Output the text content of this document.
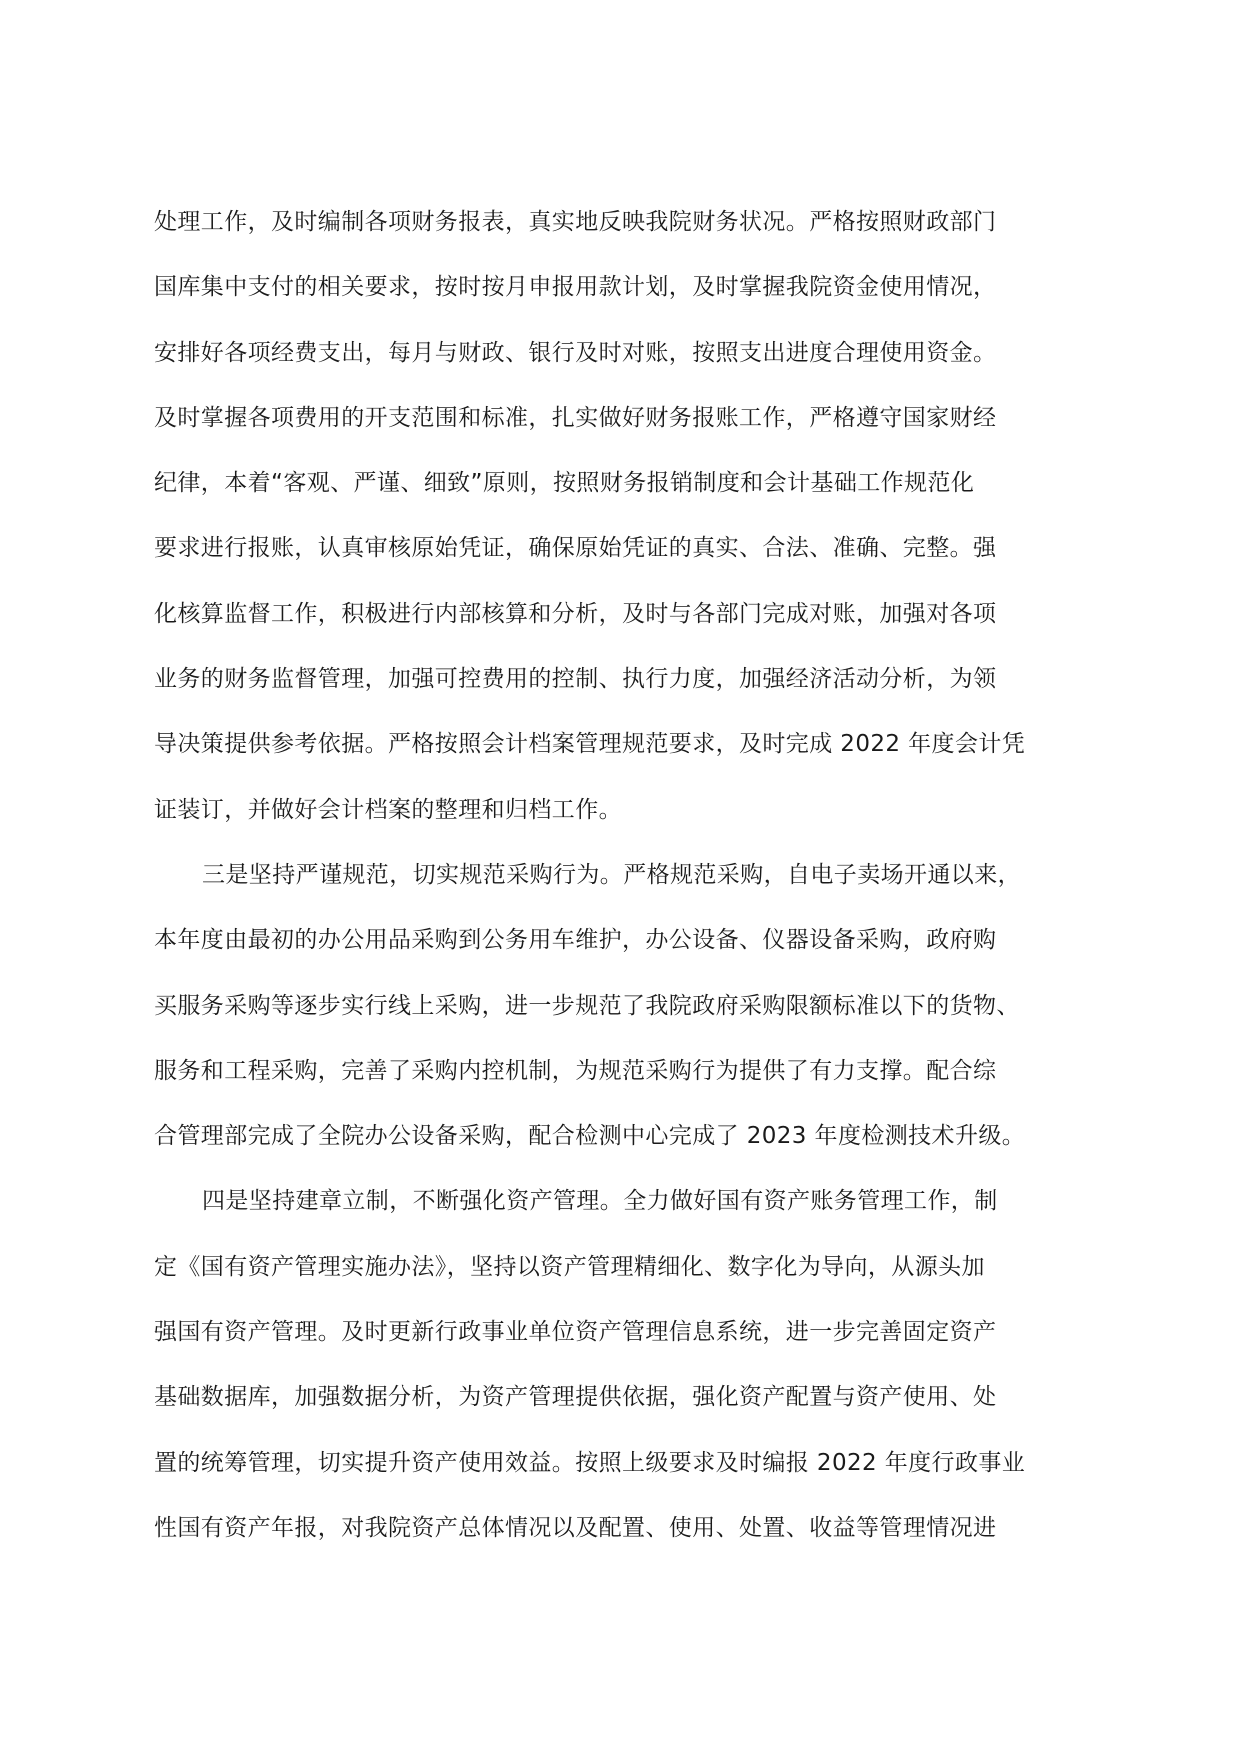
处理工作，及时编制各项财务报表，真实地反映我院财务状况。严格按照财政部门
国库集中支付的相关要求，按时按月申报用款计划，及时掌握我院资金使用情况，
安排好各项经费支出，每月与财政、银行及时对账，按照支出进度合理使用资金。
及时掌握各项费用的开支范围和标准，扎实做好财务报账工作，严格遵守国家财经
纪律，本着“客观、严谨、细致”原则，按照财务报销制度和会计基础工作规范化
要求进行报账，认真审核原始凭证，确保原始凭证的真实、合法、准确、完整。强
化核算监督工作，积极进行内部核算和分析，及时与各部门完成对账，加强对各项
业务的财务监督管理，加强可控费用的控制、执行力度，加强经济活动分析，为领
导决策提供参考依据。严格按照会计档案管理规范要求，及时完成 2022 年度会计凭
证装订，并做好会计档案的整理和归档工作。
三是坚持严谨规范，切实规范采购行为。严格规范采购，自电子卖场开通以来，
本年度由最初的办公用品采购到公务用车维护，办公设备、仪器设备采购，政府购
买服务采购等逐步实行线上采购，进一步规范了我院政府采购限额标准以下的货物、
服务和工程采购，完善了采购内控机制，为规范采购行为提供了有力支撑。配合综
合管理部完成了全院办公设备采购，配合检测中心完成了 2023 年度检测技术升级。
四是坚持建章立制，不断强化资产管理。全力做好国有资产账务管理工作，制
定《国有资产管理实施办法》，坚持以资产管理精细化、数字化为导向，从源头加
强国有资产管理。及时更新行政事业单位资产管理信息系统，进一步完善固定资产
基础数据库，加强数据分析，为资产管理提供依据，强化资产配置与资产使用、处
置的统筹管理，切实提升资产使用效益。按照上级要求及时编报 2022 年度行政事业
性国有资产年报，对我院资产总体情况以及配置、使用、处置、收益等管理情况进
